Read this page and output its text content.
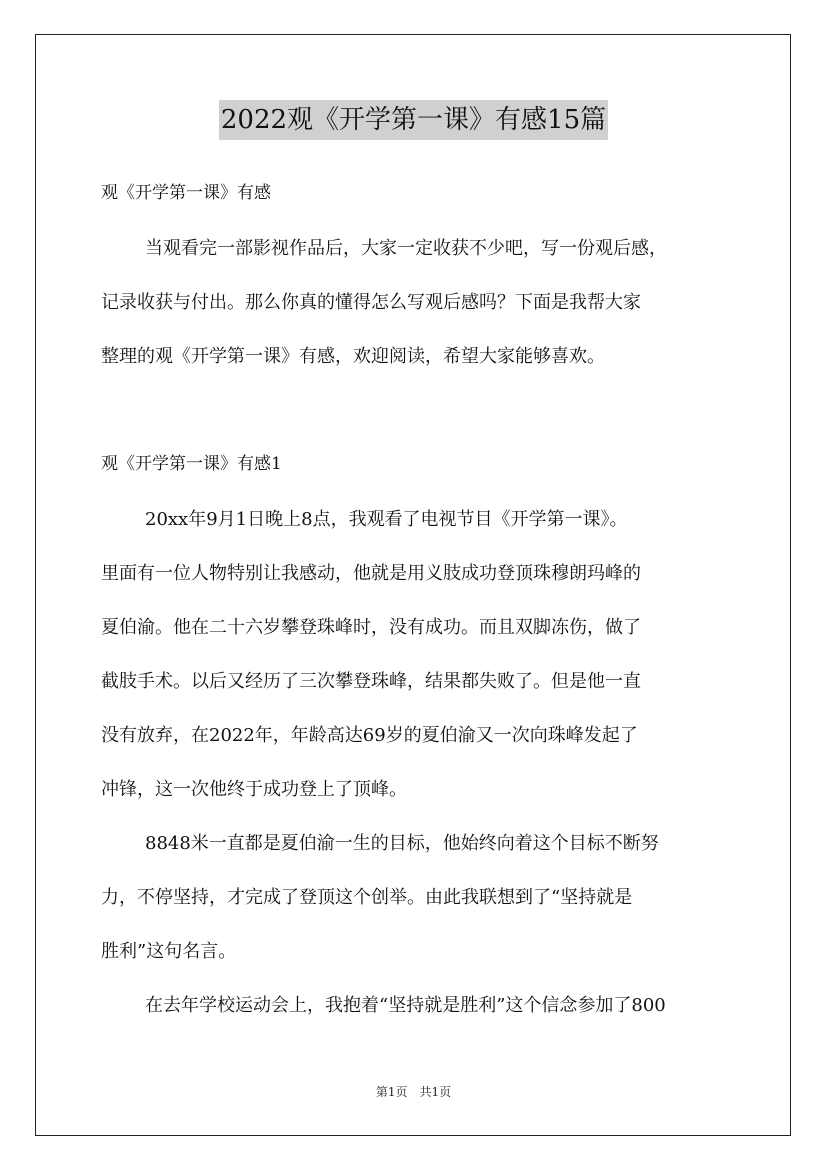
2022观《开学第一课》有感15篇
观《开学第一课》有感
当观看完一部影视作品后，大家一定收获不少吧，写一份观后感，
记录收获与付出。那么你真的懂得怎么写观后感吗？下面是我帮大家
整理的观《开学第一课》有感，欢迎阅读，希望大家能够喜欢。
观《开学第一课》有感1
20xx年9月1日晚上8点，我观看了电视节目《开学第一课》。
里面有一位人物特别让我感动，他就是用义肢成功登顶珠穆朗玛峰的
夏伯渝。他在二十六岁攀登珠峰时，没有成功。而且双脚冻伤，做了
截肢手术。以后又经历了三次攀登珠峰，结果都失败了。但是他一直
没有放弃，在2022年，年龄高达69岁的夏伯渝又一次向珠峰发起了
冲锋，这一次他终于成功登上了顶峰。
8848米一直都是夏伯渝一生的目标，他始终向着这个目标不断努
力，不停坚持，才完成了登顶这个创举。由此我联想到了“坚持就是
胜利”这句名言。
在去年学校运动会上，我抱着“坚持就是胜利”这个信念参加了800
第1页　共1页
